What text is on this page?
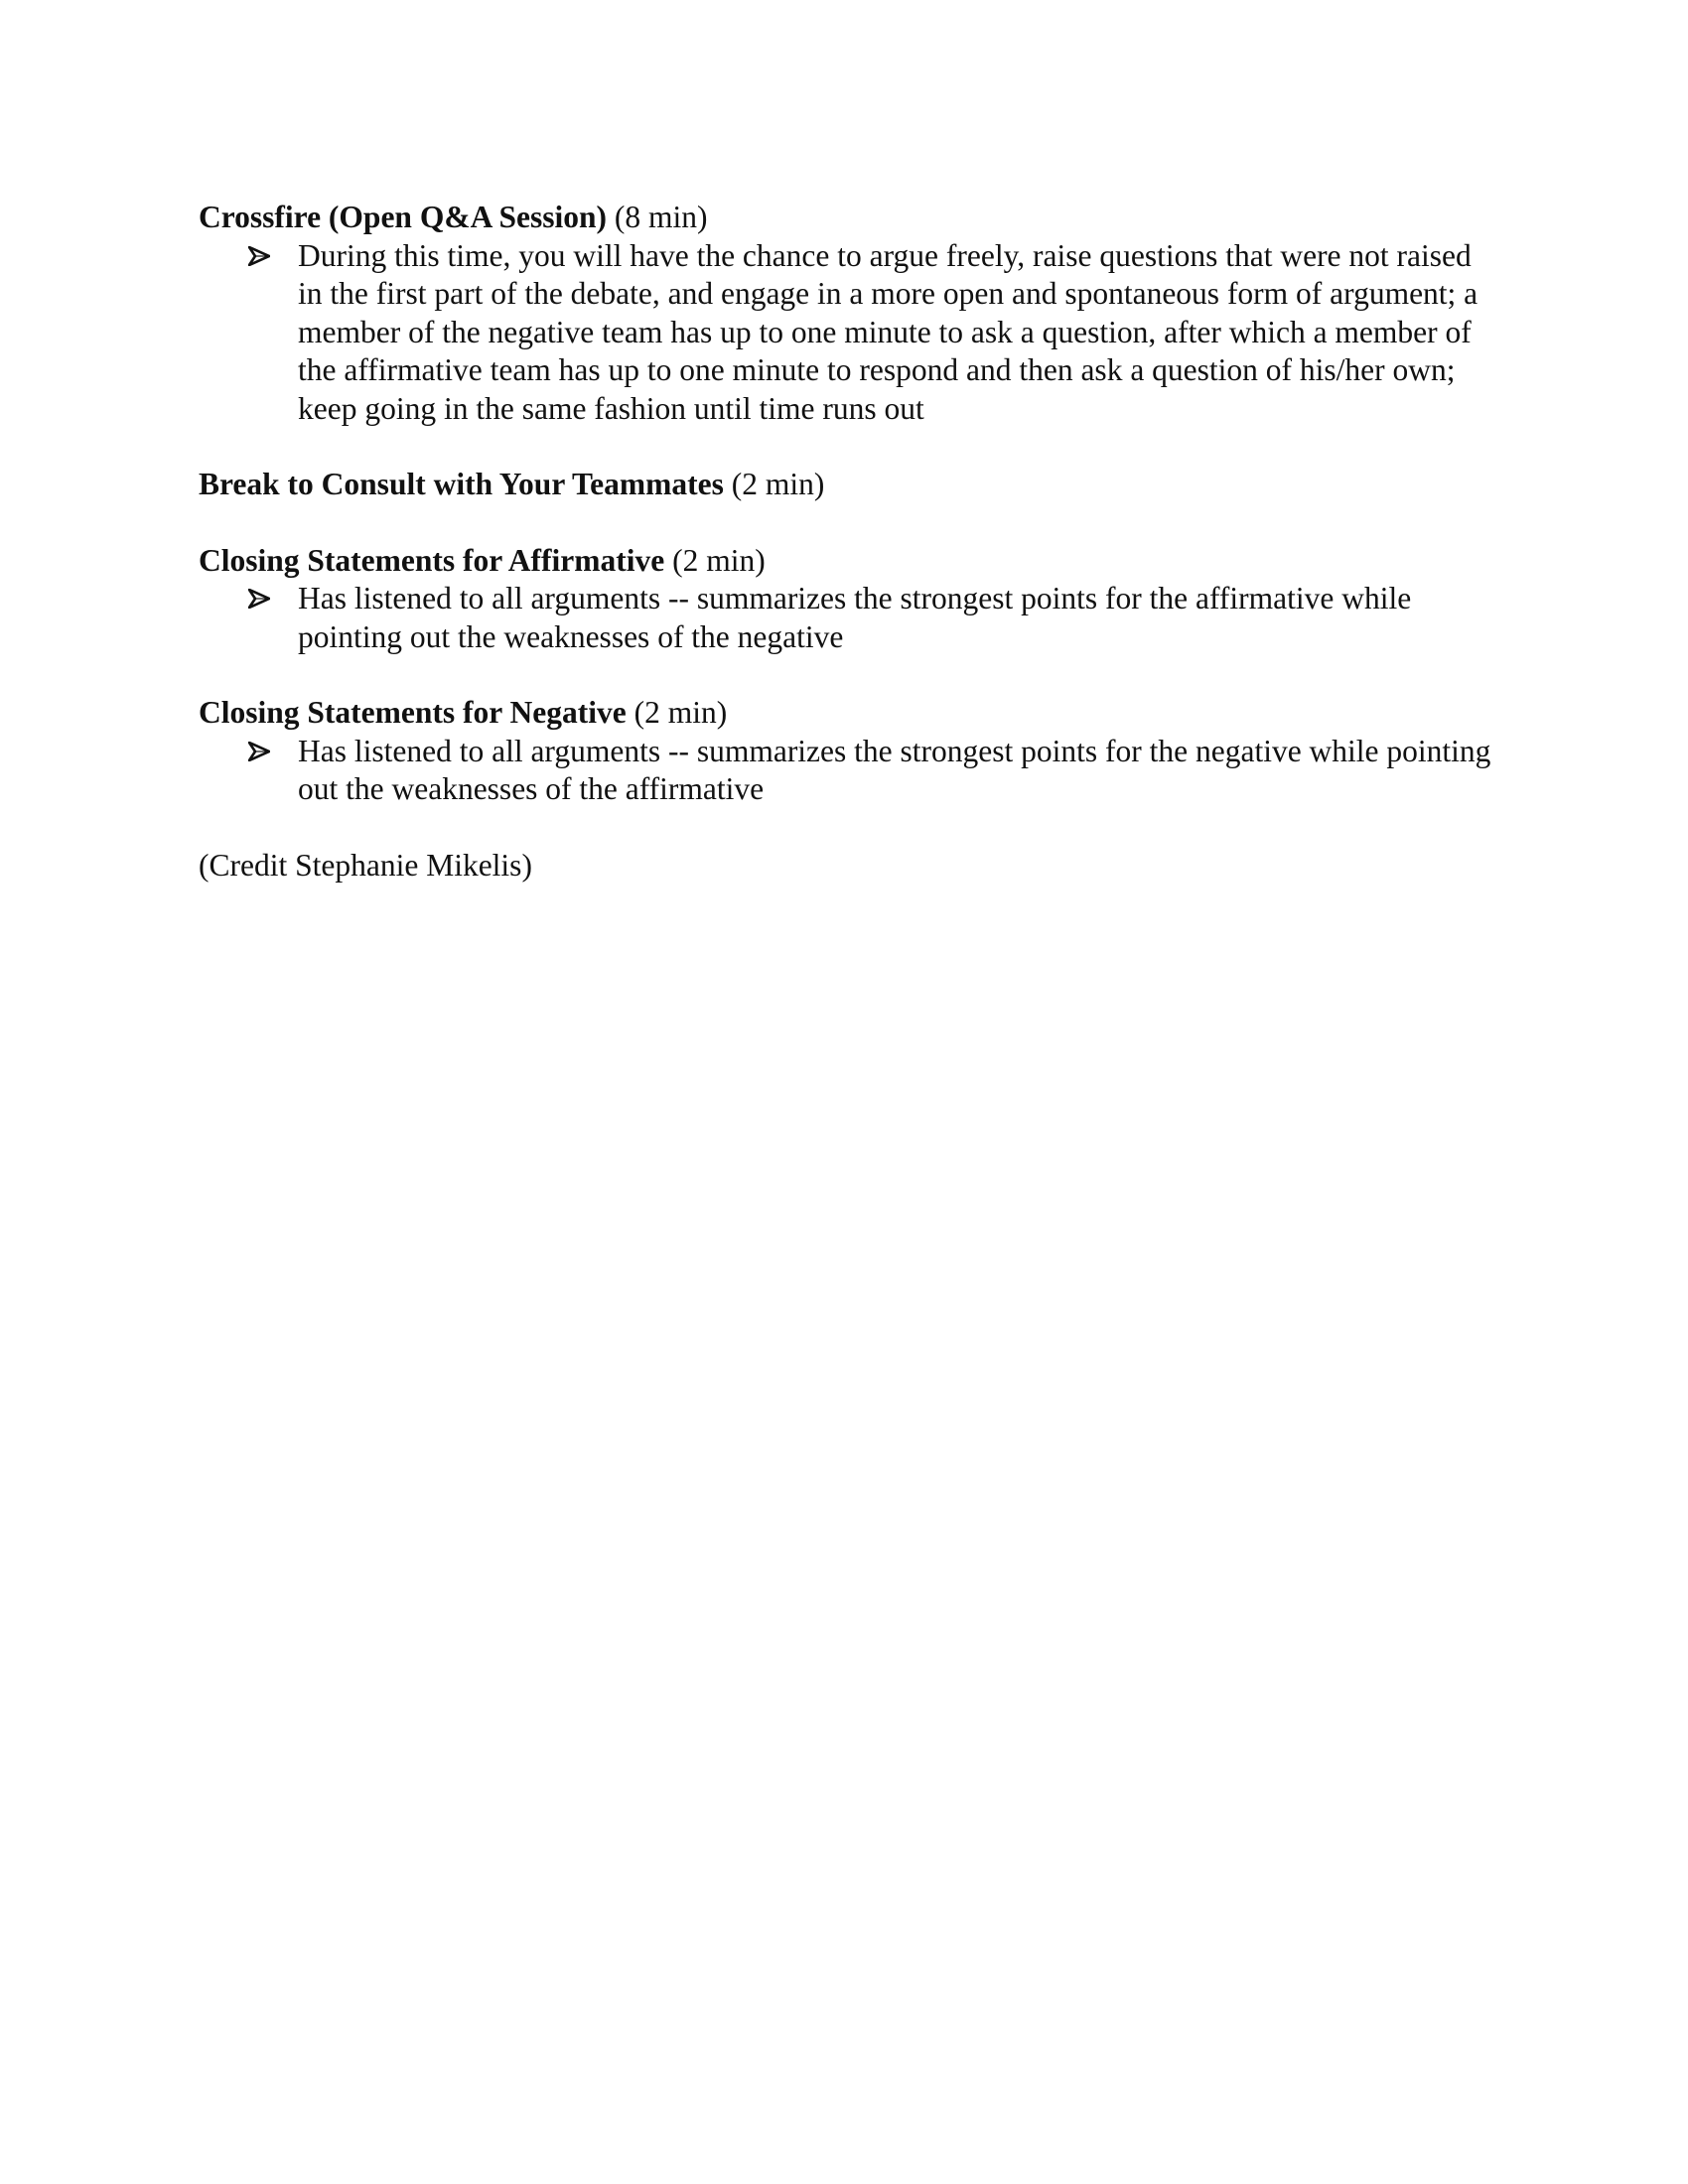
Crossfire (Open Q&A Session) (8 min)

During this time, you will have the chance to argue freely, raise questions that were not raised in the first part of the debate, and engage in a more open and spontaneous form of argument; a member of the negative team has up to one minute to ask a question, after which a member of the affirmative team has up to one minute to respond and then ask a question of his/her own; keep going in the same fashion until time runs out

Break to Consult with Your Teammates (2 min)

Closing Statements for Affirmative (2 min)

Has listened to all arguments -- summarizes the strongest points for the affirmative while pointing out the weaknesses of the negative

Closing Statements for Negative (2 min)

Has listened to all arguments -- summarizes the strongest points for the negative while pointing out the weaknesses of the affirmative

(Credit Stephanie Mikelis)
